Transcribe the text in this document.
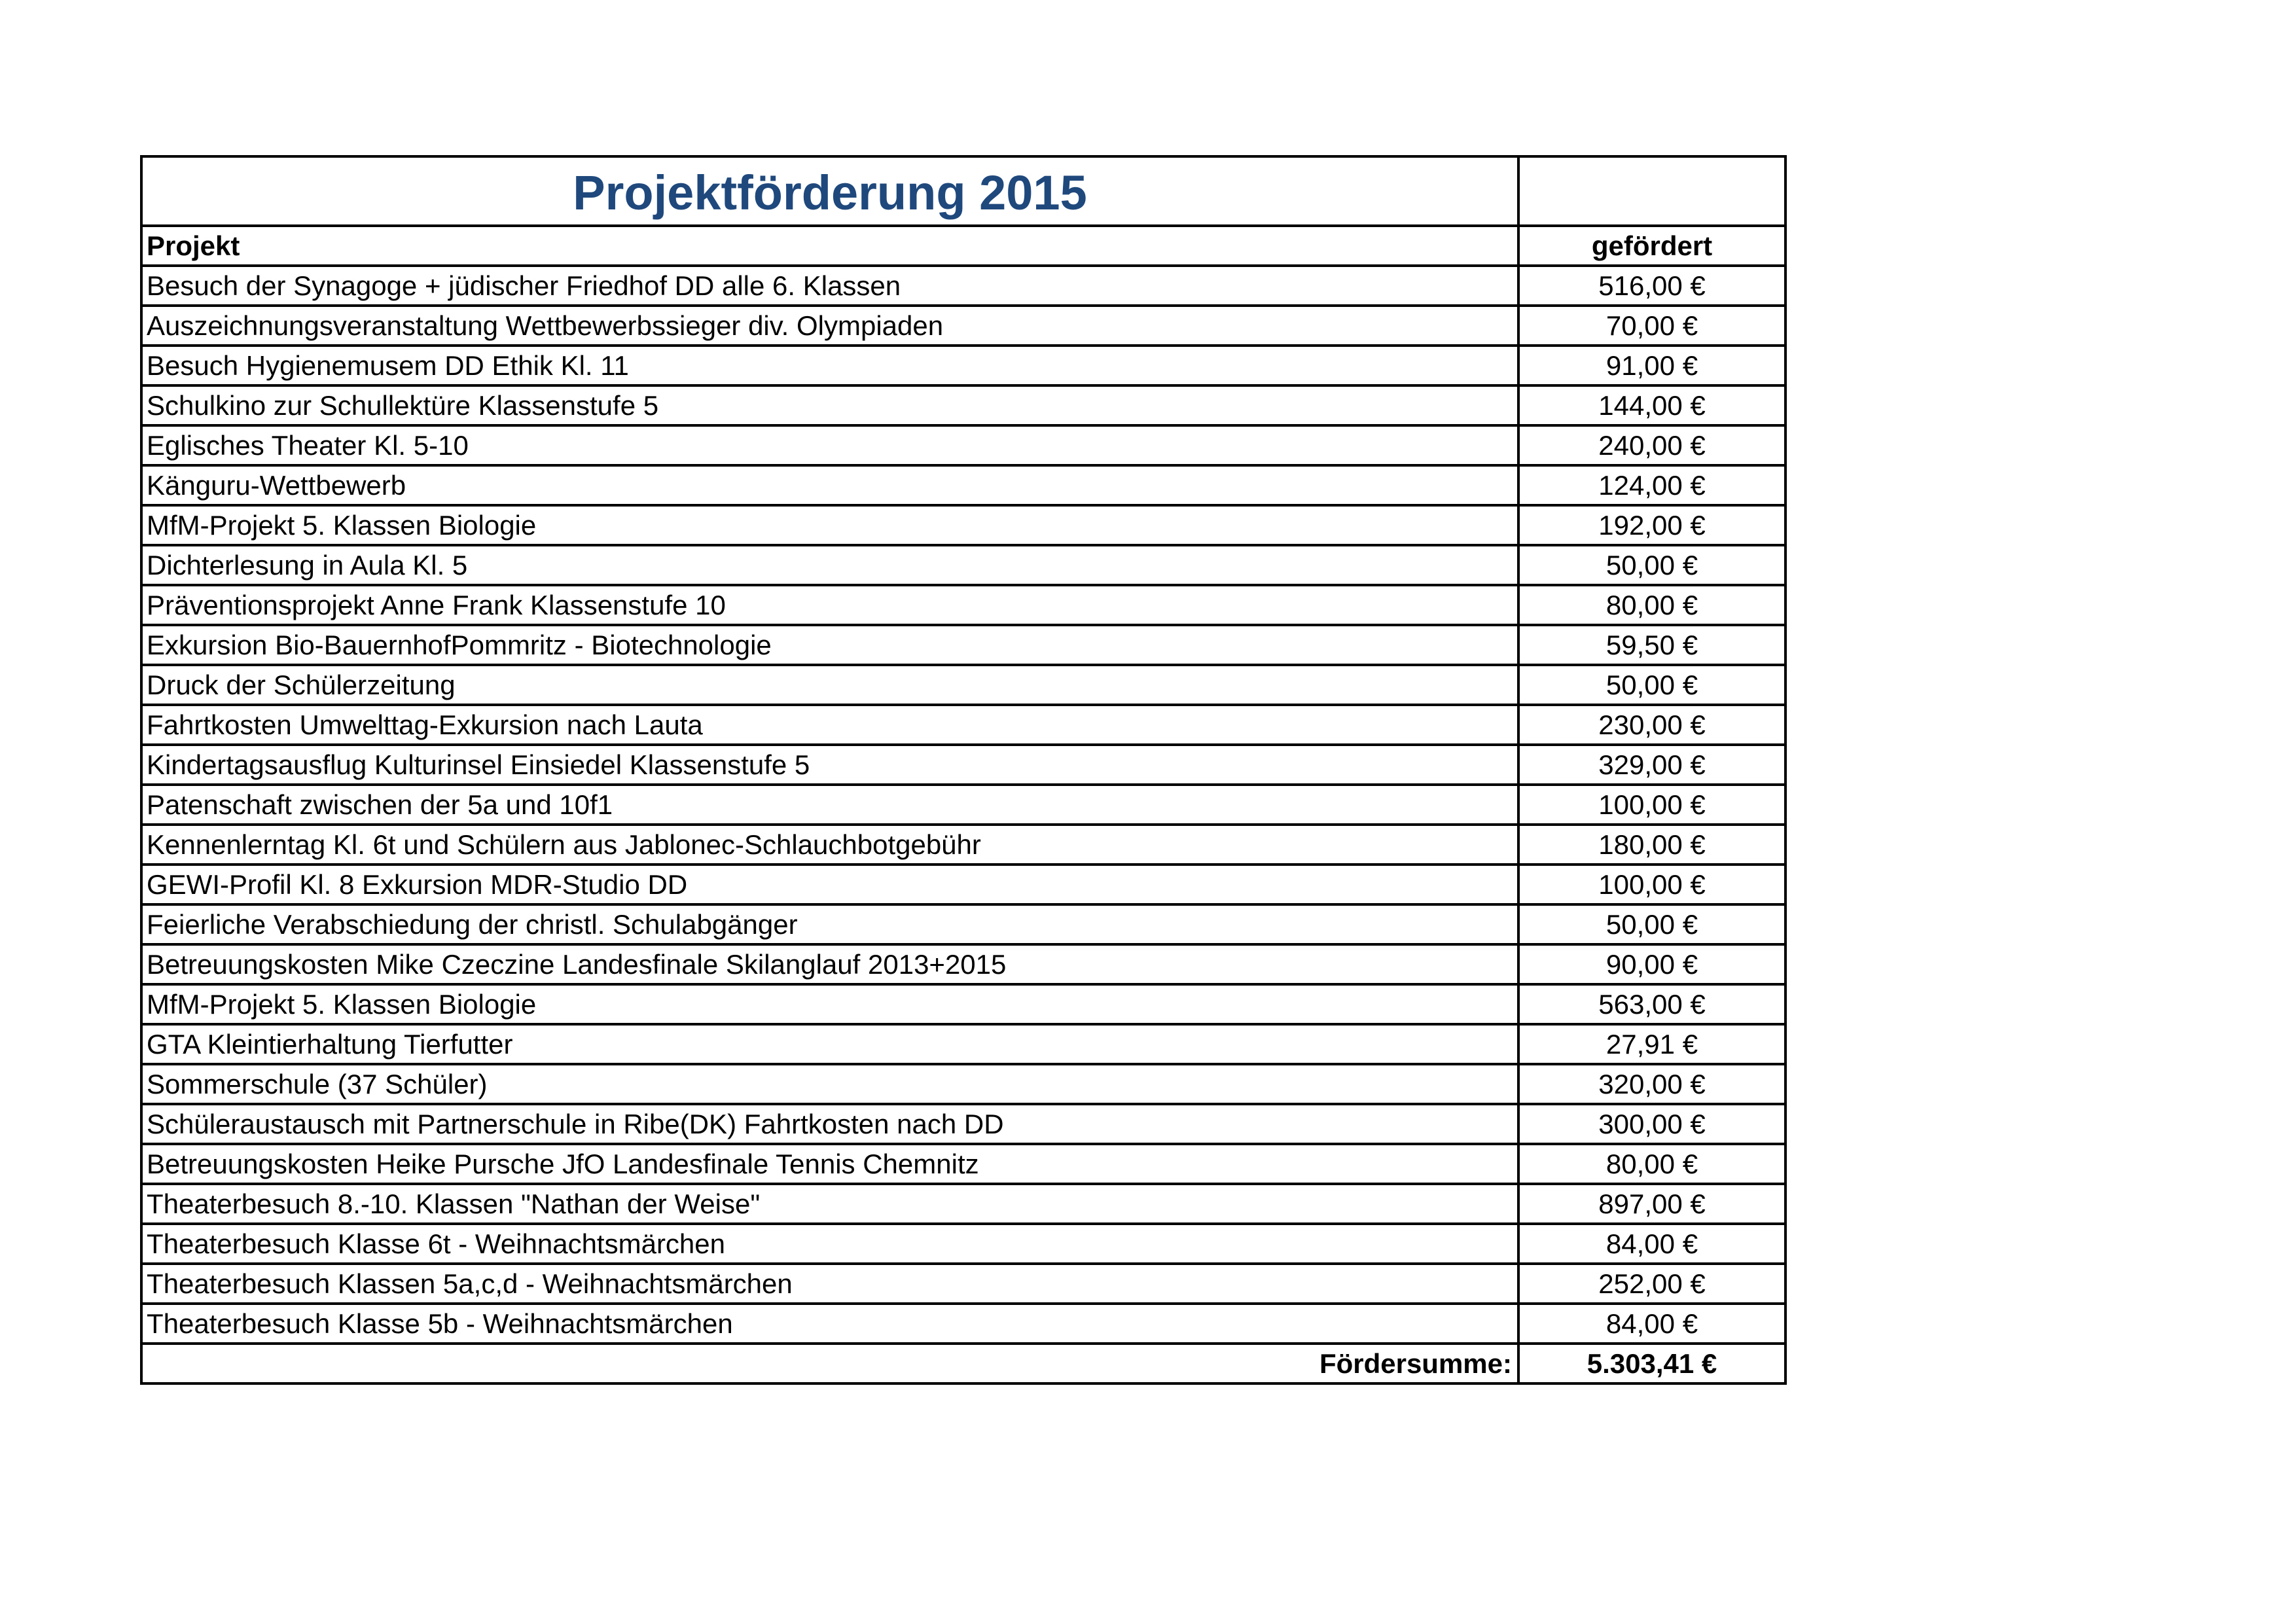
Projektförderung 2015	

Projekt	gefördert
Besuch der Synagoge + jüdischer Friedhof DD alle 6. Klassen	516,00 €
Auszeichnungsveranstaltung Wettbewerbssieger div. Olympiaden	70,00 €
Besuch Hygienemusem DD Ethik Kl. 11	91,00 €
Schulkino zur Schullektüre Klassenstufe 5	144,00 €
Eglisches Theater Kl. 5-10	240,00 €
Känguru-Wettbewerb	124,00 €
MfM-Projekt 5. Klassen Biologie	192,00 €
Dichterlesung in Aula Kl. 5	50,00 €
Präventionsprojekt Anne Frank Klassenstufe 10	80,00 €
Exkursion Bio-BauernhofPommritz - Biotechnologie	59,50 €
Druck der Schülerzeitung	50,00 €
Fahrtkosten Umwelttag-Exkursion nach Lauta	230,00 €
Kindertagsausflug Kulturinsel Einsiedel Klassenstufe 5	329,00 €
Patenschaft zwischen der 5a und 10f1	100,00 €
Kennenlerntag Kl. 6t und Schülern aus Jablonec-Schlauchbotgebühr	180,00 €
GEWI-Profil Kl. 8 Exkursion MDR-Studio DD	100,00 €
Feierliche Verabschiedung der christl. Schulabgänger	50,00 €
Betreuungskosten Mike Czeczine Landesfinale Skilanglauf 2013+2015	90,00 €
MfM-Projekt 5. Klassen Biologie	563,00 €
GTA Kleintierhaltung Tierfutter	27,91 €
Sommerschule (37 Schüler)	320,00 €
Schüleraustausch mit Partnerschule in Ribe(DK) Fahrtkosten nach DD	300,00 €
Betreuungskosten Heike Pursche JfO Landesfinale Tennis Chemnitz	80,00 €
Theaterbesuch 8.-10. Klassen "Nathan der Weise"	897,00 €
Theaterbesuch Klasse 6t - Weihnachtsmärchen	84,00 €
Theaterbesuch Klassen 5a,c,d - Weihnachtsmärchen	252,00 €
Theaterbesuch Klasse 5b - Weihnachtsmärchen	84,00 €
Fördersumme:	5.303,41 €
